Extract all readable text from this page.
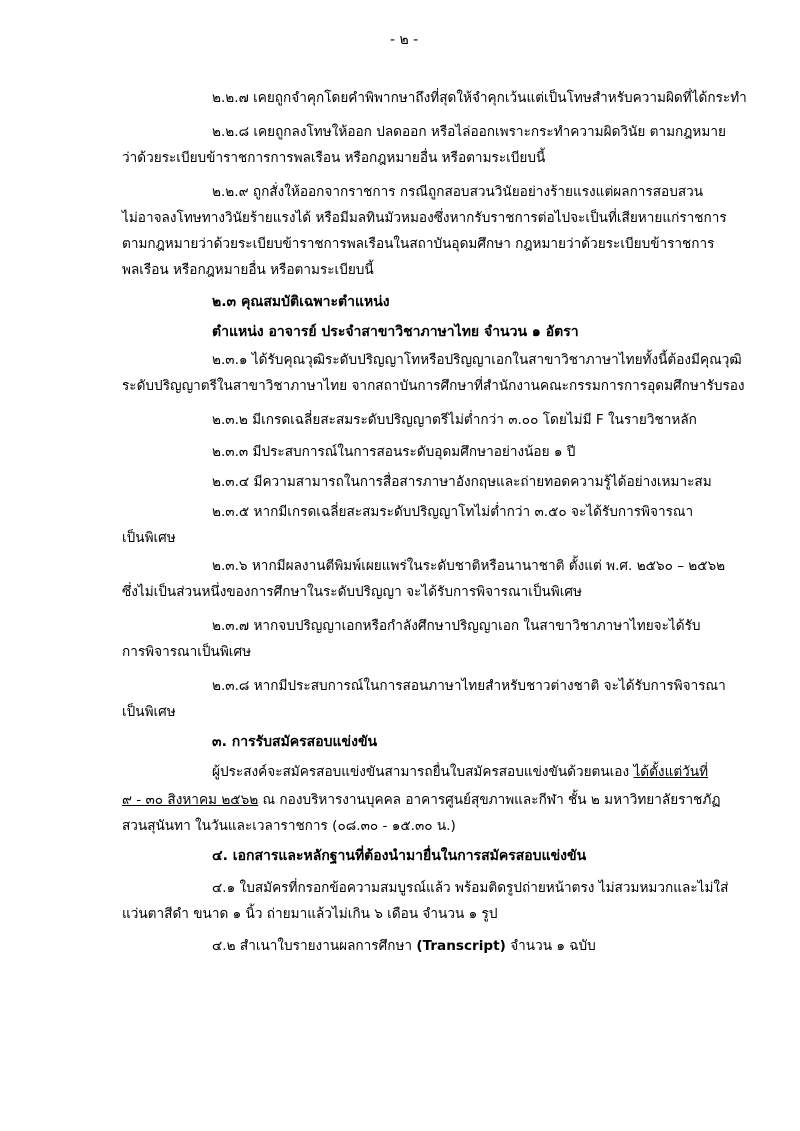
- ๒ -
๒.๒.๗ เคยถูกจำคุกโดยคำพิพากษาถึงที่สุดให้จำคุกเว้นแต่เป็นโทษสำหรับความผิดที่ได้กระทำ
๒.๒.๘ เคยถูกลงโทษให้ออก ปลดออก หรือไล่ออกเพราะกระทำความผิดวินัย ตามกฎหมาย
ว่าด้วยระเบียบข้าราชการการพลเรือน หรือกฎหมายอื่น หรือตามระเบียบนี้
๒.๒.๙ ถูกสั่งให้ออกจากราชการ กรณีถูกสอบสวนวินัยอย่างร้ายแรงแต่ผลการสอบสวน
ไม่อาจลงโทษทางวินัยร้ายแรงได้ หรือมีมลทินมัวหมองซึ่งหากรับราชการต่อไปจะเป็นที่เสียหายแก่ราชการ
ตามกฎหมายว่าด้วยระเบียบข้าราชการพลเรือนในสถาบันอุดมศึกษา กฎหมายว่าด้วยระเบียบข้าราชการ
พลเรือน หรือกฎหมายอื่น หรือตามระเบียบนี้
๒.๓ คุณสมบัติเฉพาะตำแหน่ง
ตำแหน่ง อาจารย์ ประจำสาขาวิชาภาษาไทย จำนวน ๑ อัตรา
๒.๓.๑ ได้รับคุณวุฒิระดับปริญญาโทหรือปริญญาเอกในสาขาวิชาภาษาไทยทั้งนี้ต้องมีคุณวุฒิ
ระดับปริญญาตรีในสาขาวิชาภาษาไทย จากสถาบันการศึกษาที่สำนักงานคณะกรรมการการอุดมศึกษารับรอง
๒.๓.๒ มีเกรดเฉลี่ยสะสมระดับปริญญาตรีไม่ต่ำกว่า ๓.๐๐ โดยไม่มี F ในรายวิชาหลัก
๒.๓.๓ มีประสบการณ์ในการสอนระดับอุดมศึกษาอย่างน้อย ๑ ปี
๒.๓.๔ มีความสามารถในการสื่อสารภาษาอังกฤษและถ่ายทอดความรู้ได้อย่างเหมาะสม
๒.๓.๕ หากมีเกรดเฉลี่ยสะสมระดับปริญญาโทไม่ต่ำกว่า ๓.๕๐ จะได้รับการพิจารณา
เป็นพิเศษ
๒.๓.๖ หากมีผลงานตีพิมพ์เผยแพร่ในระดับชาติหรือนานาชาติ ตั้งแต่ พ.ศ. ๒๕๖๐ – ๒๕๖๒
ซึ่งไม่เป็นส่วนหนึ่งของการศึกษาในระดับปริญญา จะได้รับการพิจารณาเป็นพิเศษ
๒.๓.๗ หากจบปริญญาเอกหรือกำลังศึกษาปริญญาเอก ในสาขาวิชาภาษาไทยจะได้รับ
การพิจารณาเป็นพิเศษ
๒.๓.๘ หากมีประสบการณ์ในการสอนภาษาไทยสำหรับชาวต่างชาติ จะได้รับการพิจารณา
เป็นพิเศษ
๓. การรับสมัครสอบแข่งขัน
ผู้ประสงค์จะสมัครสอบแข่งขันสามารถยื่นใบสมัครสอบแข่งขันด้วยตนเอง ได้ตั้งแต่วันที่
๙ - ๓๐ สิงหาคม ๒๕๖๒ ณ กองบริหารงานบุคคล อาคารศูนย์สุขภาพและกีฬา ชั้น ๒ มหาวิทยาลัยราชภัฏ
สวนสุนันทา ในวันและเวลาราชการ (๐๘.๓๐ - ๑๕.๓๐ น.)
๔. เอกสารและหลักฐานที่ต้องนำมายื่นในการสมัครสอบแข่งขัน
๔.๑ ใบสมัครที่กรอกข้อความสมบูรณ์แล้ว พร้อมติดรูปถ่ายหน้าตรง ไม่สวมหมวกและไม่ใส่
แว่นตาสีดำ ขนาด ๑ นิ้ว ถ่ายมาแล้วไม่เกิน ๖ เดือน จำนวน ๑ รูป
๔.๒ สำเนาใบรายงานผลการศึกษา (Transcript) จำนวน ๑ ฉบับ
